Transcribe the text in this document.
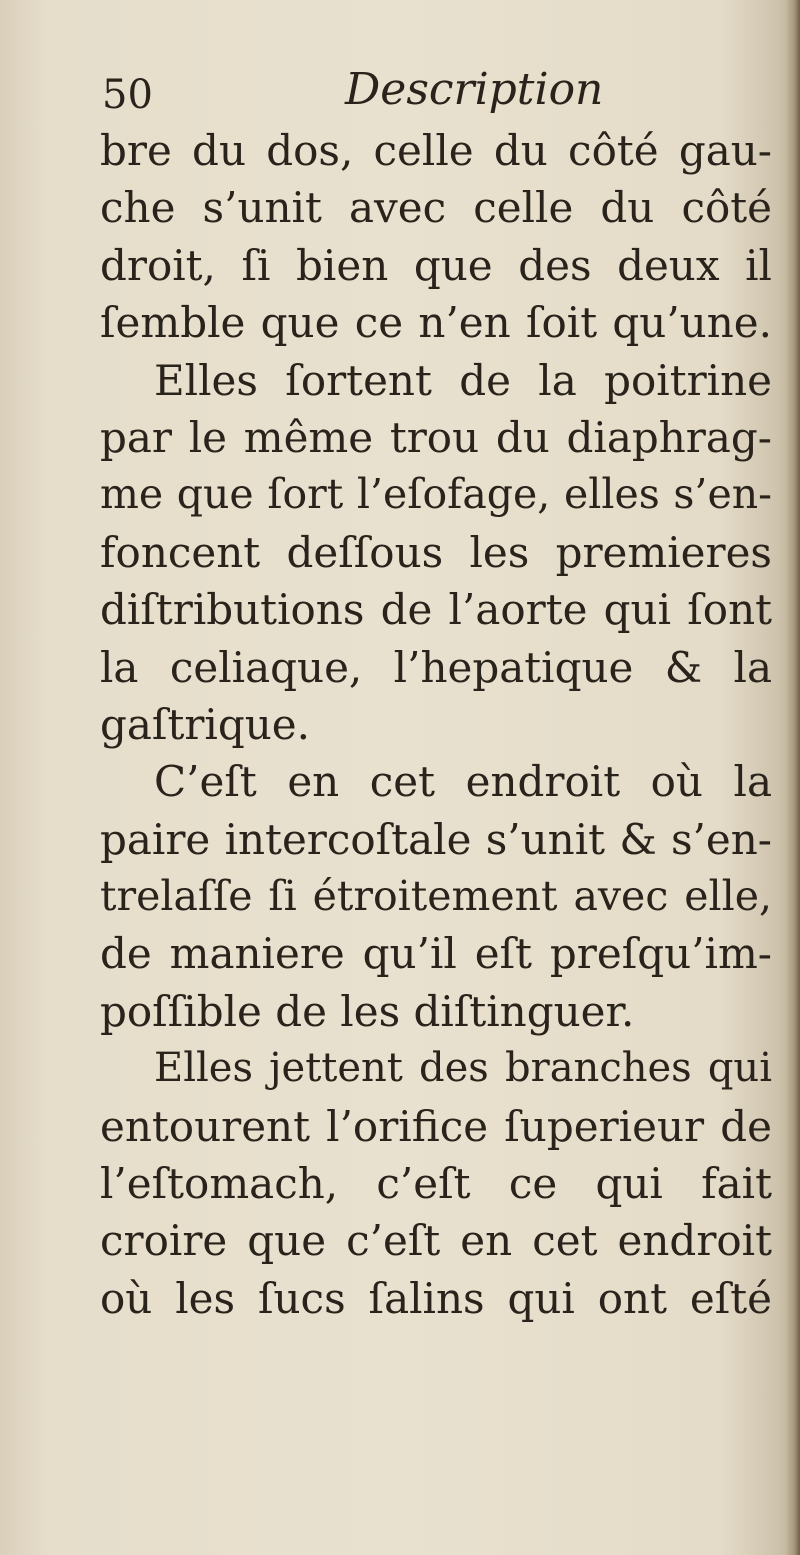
50	Description
bre du dos, celle du côté gau-
che s’unit avec celle du côté
droit, ſi bien que des deux il
ſemble que ce n’en ſoit qu’une.
Elles ſortent de la poitrine
par le même trou du diaphrag-
me que ſort l’eſofage, elles s’en-
foncent deſſous les premieres
diſtributions de l’aorte qui ſont
la celiaque, l’hepatique & la
gaſtrique.
C’eſt en cet endroit où la
paire intercoſtale s’unit & s’en-
trelaſſe ſi étroitement avec elle,
de maniere qu’il eſt preſqu’im-
poſſible de les diſtinguer.
Elles jettent des branches qui
entourent l’orifice ſuperieur de
l’eſtomach, c’eſt ce qui fait
croire que c’eſt en cet endroit
où les ſucs ſalins qui ont eſté
